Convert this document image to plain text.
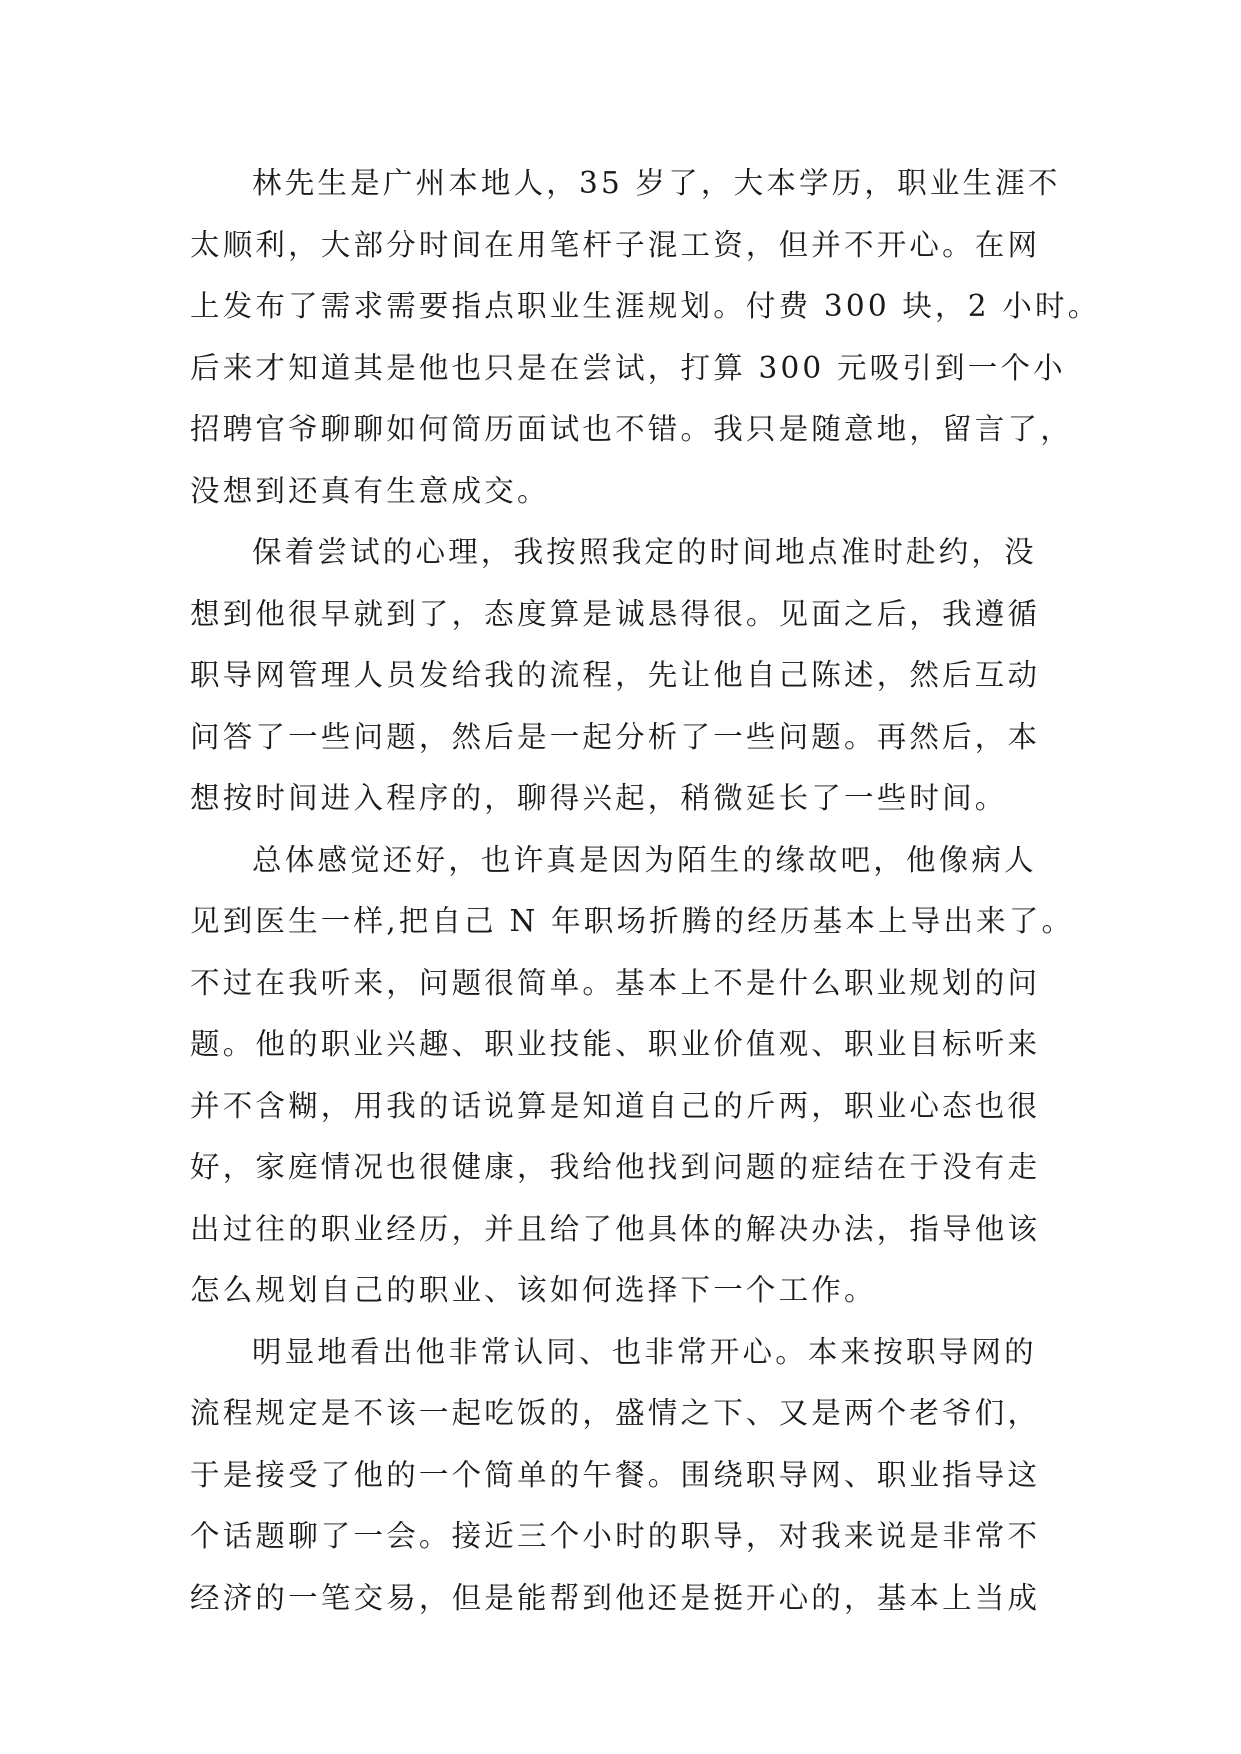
林先生是广州本地人，35 岁了，大本学历，职业生涯不
太顺利，大部分时间在用笔杆子混工资，但并不开心。在网
上发布了需求需要指点职业生涯规划。付费 300 块，2 小时。
后来才知道其是他也只是在尝试，打算 300 元吸引到一个小
招聘官爷聊聊如何简历面试也不错。我只是随意地，留言了，
没想到还真有生意成交。
保着尝试的心理，我按照我定的时间地点准时赴约，没
想到他很早就到了，态度算是诚恳得很。见面之后，我遵循
职导网管理人员发给我的流程，先让他自己陈述，然后互动
问答了一些问题，然后是一起分析了一些问题。再然后，本
想按时间进入程序的，聊得兴起，稍微延长了一些时间。
总体感觉还好，也许真是因为陌生的缘故吧，他像病人
见到医生一样,把自己 N 年职场折腾的经历基本上导出来了。
不过在我听来，问题很简单。基本上不是什么职业规划的问
题。他的职业兴趣、职业技能、职业价值观、职业目标听来
并不含糊，用我的话说算是知道自己的斤两，职业心态也很
好，家庭情况也很健康，我给他找到问题的症结在于没有走
出过往的职业经历，并且给了他具体的解决办法，指导他该
怎么规划自己的职业、该如何选择下一个工作。
明显地看出他非常认同、也非常开心。本来按职导网的
流程规定是不该一起吃饭的，盛情之下、又是两个老爷们，
于是接受了他的一个简单的午餐。围绕职导网、职业指导这
个话题聊了一会。接近三个小时的职导，对我来说是非常不
经济的一笔交易，但是能帮到他还是挺开心的，基本上当成
